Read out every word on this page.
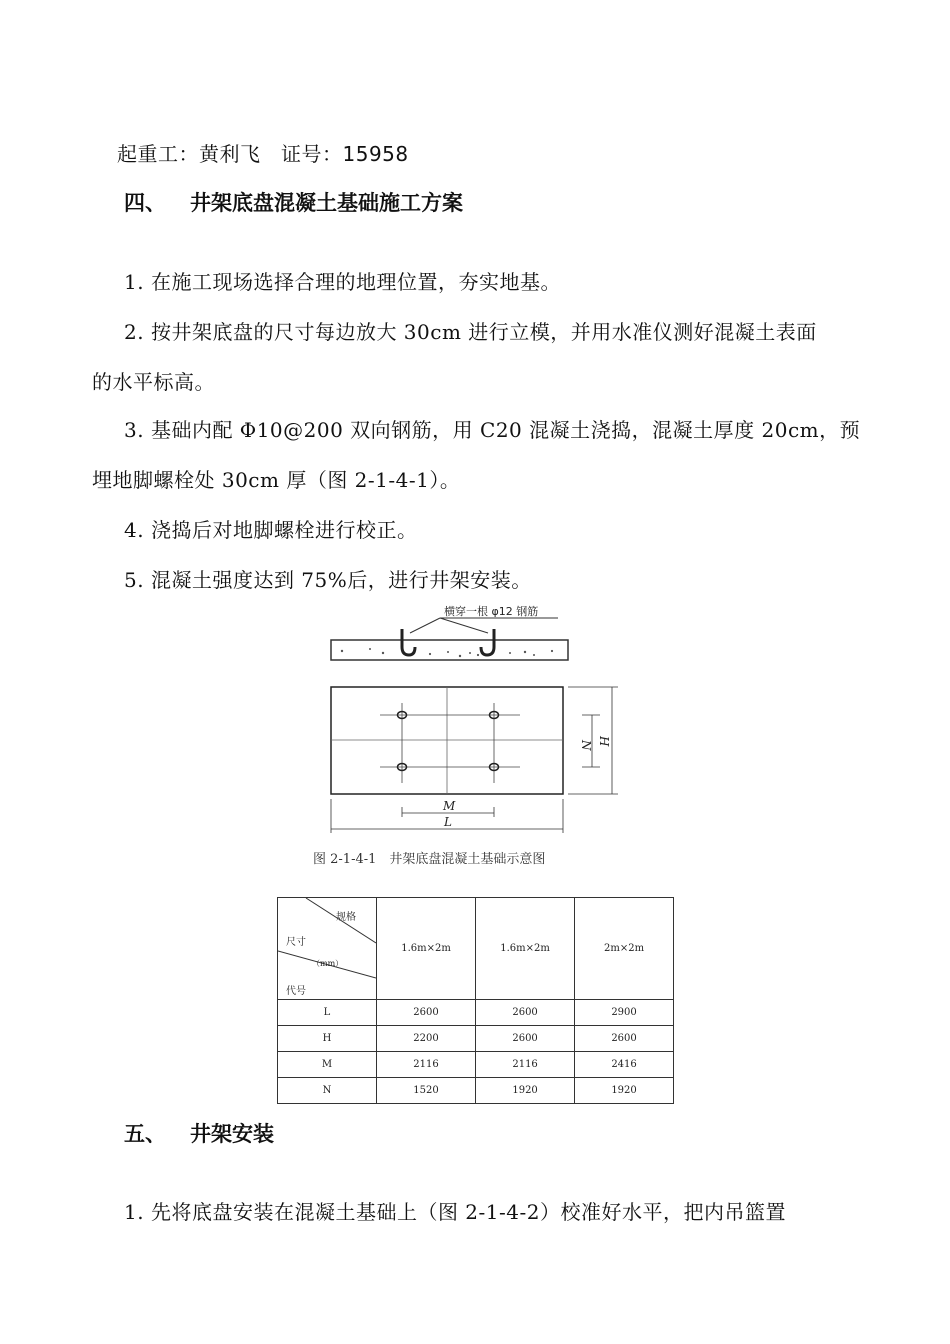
起重工：黄利飞　证号：15958
四、 井架底盘混凝土基础施工方案
1. 在施工现场选择合理的地理位置，夯实地基。
2. 按井架底盘的尺寸每边放大 30cm 进行立模，并用水准仪测好混凝土表面
的水平标高。
3. 基础内配 Φ10@200 双向钢筋，用 C20 混凝土浇捣，混凝土厚度 20cm，预
埋地脚螺栓处 30cm 厚（图 2-1-4-1）。
4. 浇捣后对地脚螺栓进行校正。
5. 混凝土强度达到 75%后，进行井架安装。
横穿一根 φ12 钢筋
M
L
N H
图 2-1-4-1　井架底盘混凝土基础示意图
规格
尺寸
（mm）
代号	1.6m×2m	1.6m×2m	2m×2m
L	2600	2600	2900
H	2200	2600	2600
M	2116	2116	2416
N	1520	1920	1920
五、 井架安装
1. 先将底盘安装在混凝土基础上（图 2-1-4-2）校准好水平，把内吊篮置
